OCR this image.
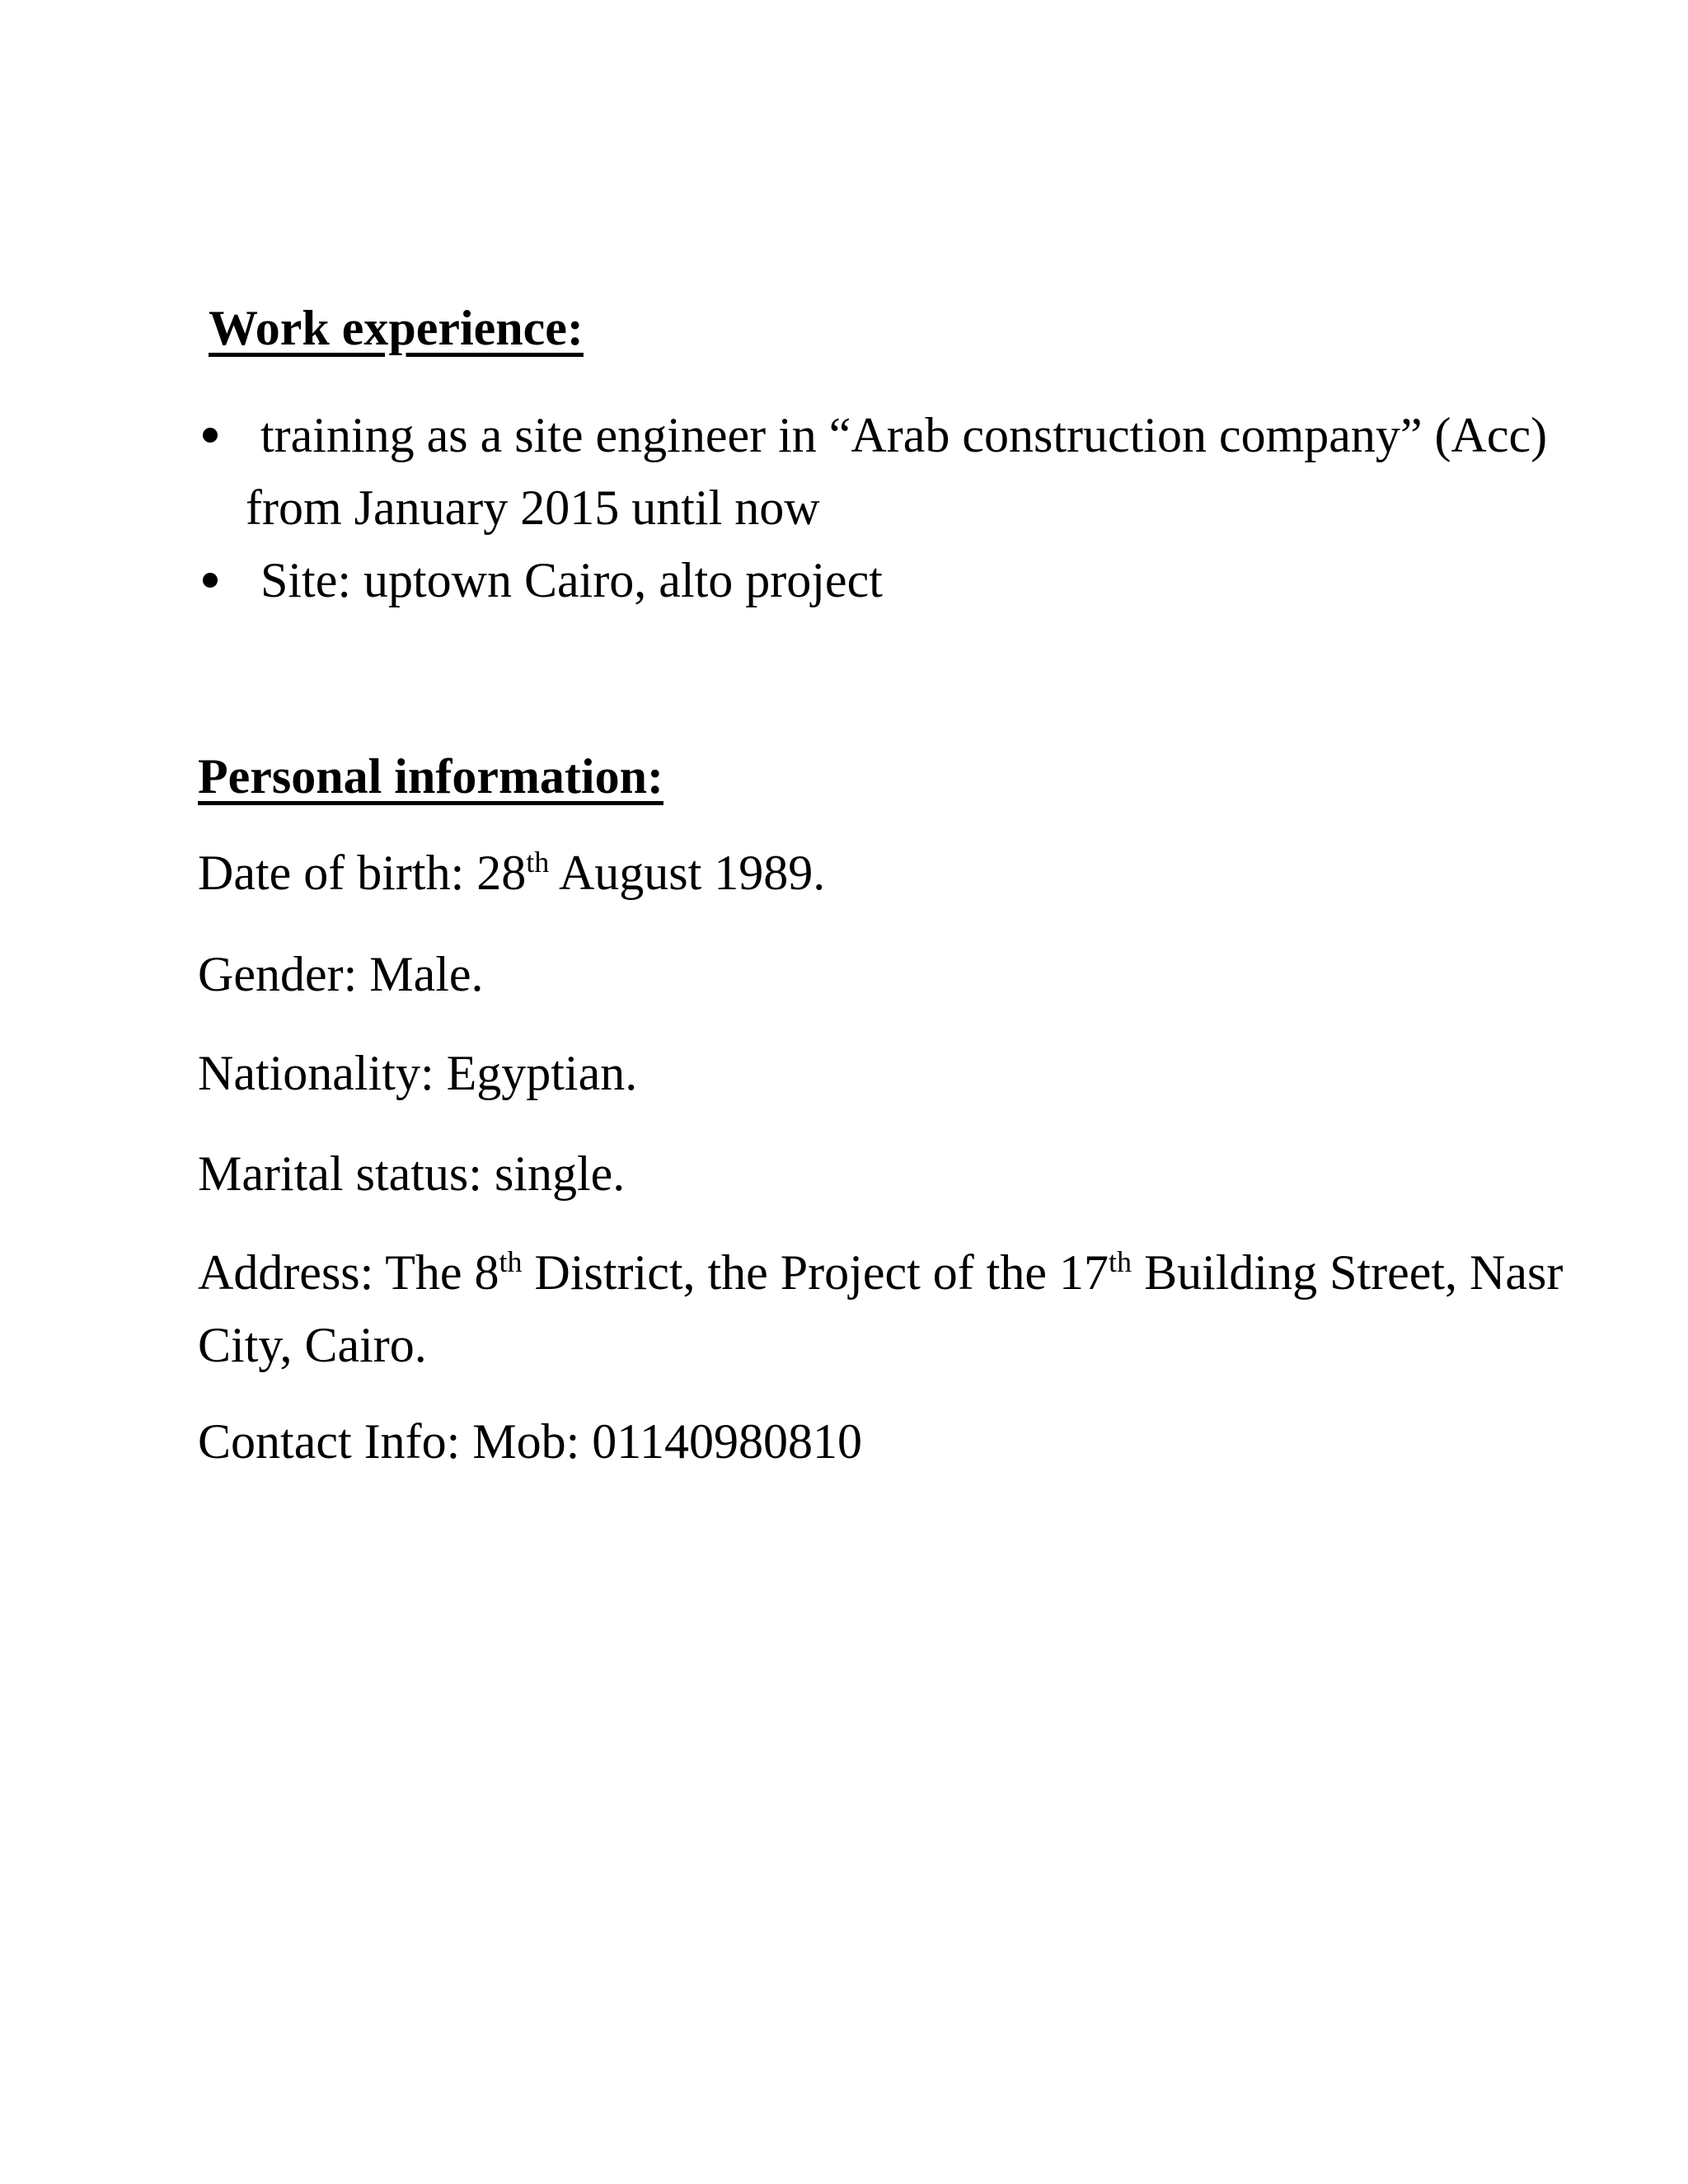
Work experience:
training as a site engineer in “Arab construction company” (Acc) from January 2015 until now
Site: uptown Cairo, alto project
Personal information:
Date of birth: 28th August 1989.
Gender: Male.
Nationality: Egyptian.
Marital status: single.
Address: The 8th District, the Project of the 17th Building Street, Nasr City, Cairo.
Contact Info: Mob: 01140980810
